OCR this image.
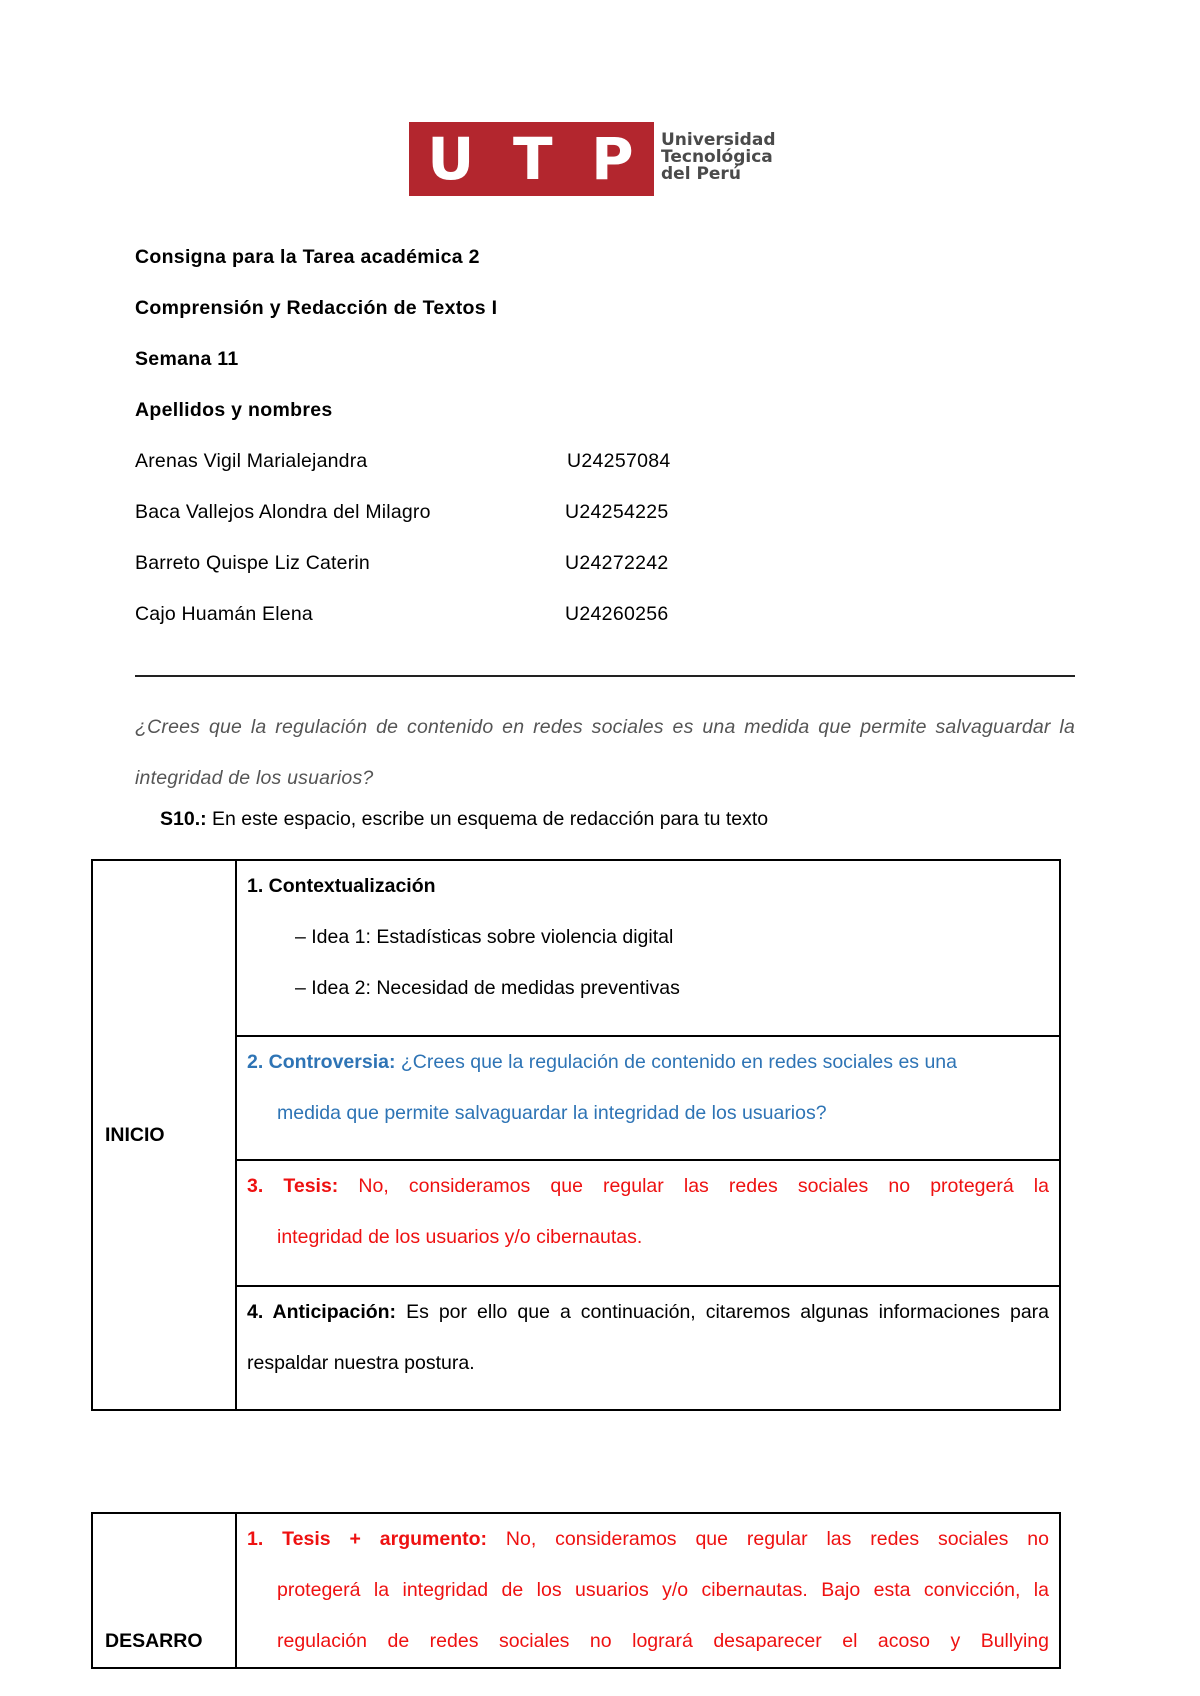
U T P Universidad
Tecnológica
del Perú
Consigna para la Tarea académica 2
Comprensión y Redacción de Textos I
Semana 11
Apellidos y nombres
Arenas Vigil Marialejandra	U24257084
Baca Vallejos Alondra del Milagro	U24254225
Barreto Quispe Liz Caterin	U24272242
Cajo Huamán Elena	U24260256
¿Crees que la regulación de contenido en redes sociales es una medida que permite salvaguardar la integridad de los usuarios?
S10.: En este espacio, escribe un esquema de redacción para tu texto
INICIO	
1. Contextualización
– Idea 1: Estadísticas sobre violencia digital
– Idea 2: Necesidad de medidas preventivas

2. Controversia: ¿Crees que la regulación de contenido en redes sociales es una
medida que permite salvaguardar la integridad de los usuarios?

3. Tesis: No, consideramos que regular las redes sociales no protegerá la
integridad de los usuarios y/o cibernautas.

4. Anticipación: Es por ello que a continuación, citaremos algunas informaciones para respaldar nuestra postura.
DESARRO	
1. Tesis + argumento: No, consideramos que regular las redes sociales no
protegerá la integridad de los usuarios y/o cibernautas. Bajo esta convicción, la regulación de redes sociales no logrará desaparecer el acoso y Bullying
